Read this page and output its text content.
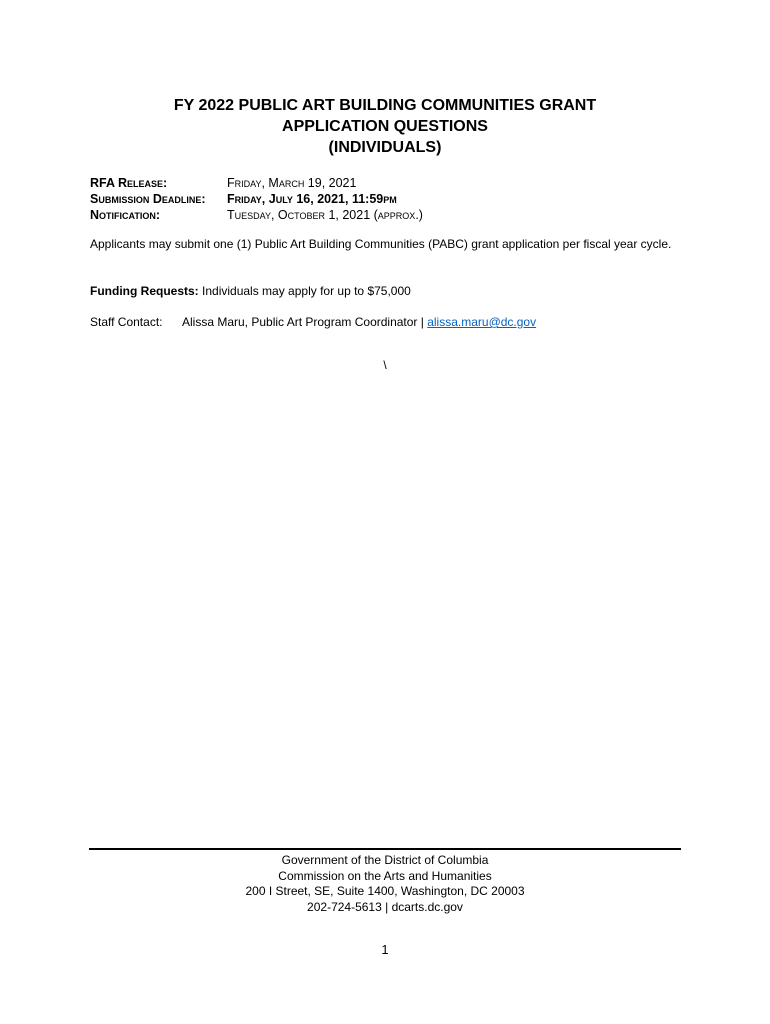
FY 2022 PUBLIC ART BUILDING COMMUNITIES GRANT
APPLICATION QUESTIONS
(INDIVIDUALS)
RFA Release:	Friday, March 19, 2021
Submission Deadline:	Friday, July 16, 2021, 11:59pm
Notification:	Tuesday, October 1, 2021 (approx.)
Applicants may submit one (1) Public Art Building Communities (PABC) grant application per fiscal year cycle.
Funding Requests: Individuals may apply for up to $75,000
Staff Contact: Alissa Maru, Public Art Program Coordinator | alissa.maru@dc.gov
\
Government of the District of Columbia
Commission on the Arts and Humanities
200 I Street, SE, Suite 1400, Washington, DC 20003
202-724-5613 | dcarts.dc.gov
1
